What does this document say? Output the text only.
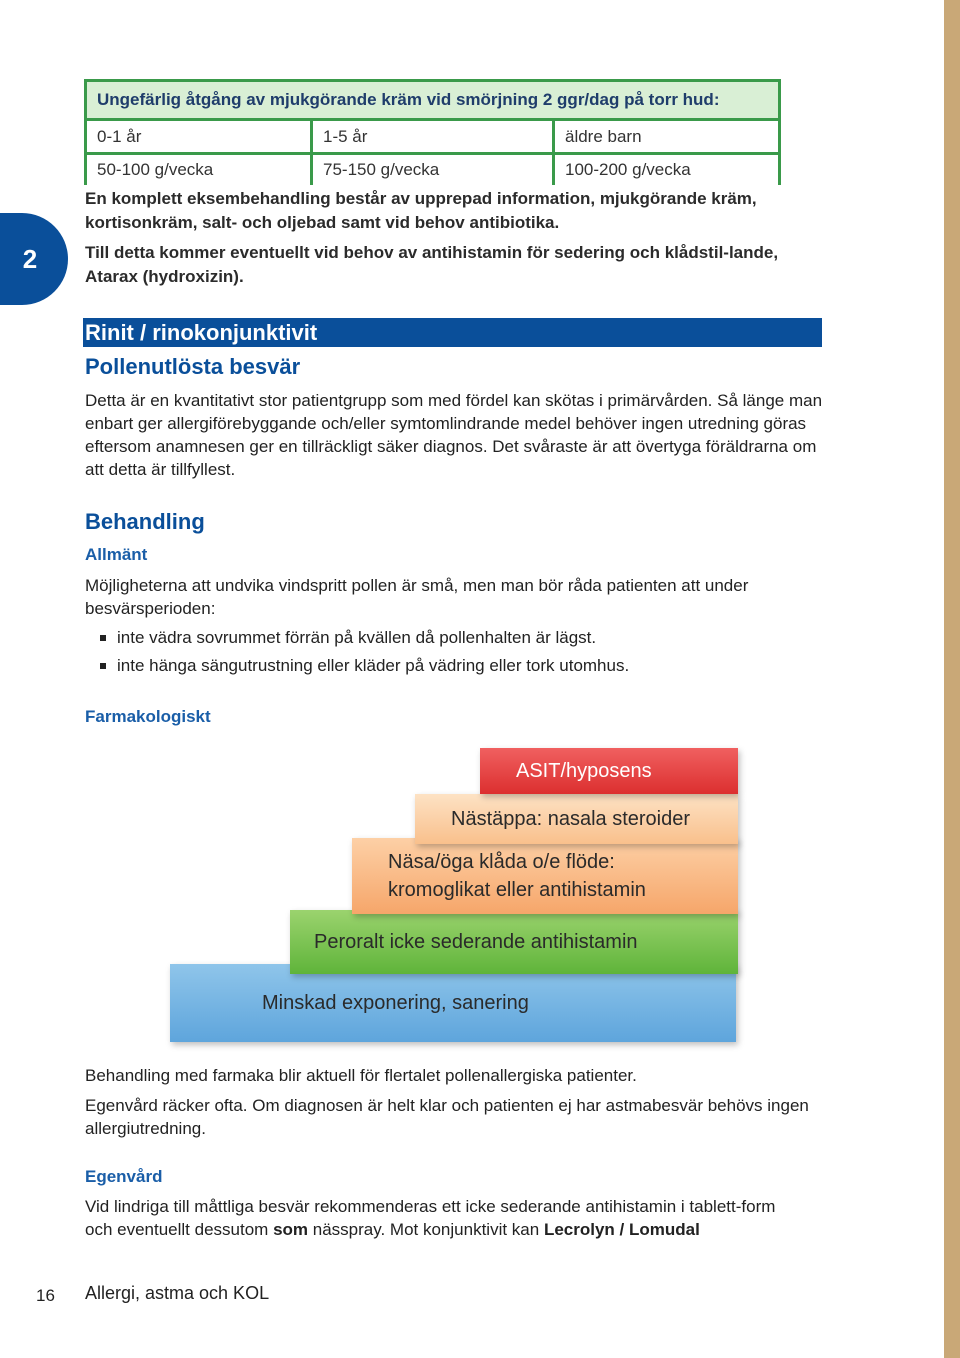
2
Ungefärlig åtgång av mjukgörande kräm vid smörjning 2 ggr/dag på torr hud:
0-1 år	1-5 år	äldre barn
50-100 g/vecka	75-150 g/vecka	100-200 g/vecka

En komplett eksembehandling består av upprepad information, mjukgörande kräm, kortisonkräm, salt- och oljebad samt vid behov antibiotika.

Till detta kommer eventuellt vid behov av antihistamin för sedering och klådstil-lande, Atarax (hydroxizin).

Rinit / rinokonjunktivit
Pollenutlösta besvär

Detta är en kvantitativt stor patientgrupp som med fördel kan skötas i primärvården. Så länge man enbart ger allergiförebyggande och/eller symtomlindrande medel behöver ingen utredning göras eftersom anamnesen ger en tillräckligt säker diagnos. Det svåraste är att övertyga föräldrarna om att detta är tillfyllest.

Behandling
Allmänt

Möjligheterna att undvika vindspritt pollen är små, men man bör råda patienten att under besvärsperioden:

inte vädra sovrummet förrän på kvällen då pollenhalten är lägst.
inte hänga sängutrustning eller kläder på vädring eller tork utomhus.
Farmakologiskt
Minskad exponering, sanering
Peroralt icke sederande antihistamin
Näsa/öga klåda o/e flöde:
kromoglikat eller antihistamin
Nästäppa: nasala steroider
ASIT/hyposens

Behandling med farmaka blir aktuell för flertalet pollenallergiska patienter.

Egenvård räcker ofta. Om diagnosen är helt klar och patienten ej har astmabesvär behövs ingen allergiutredning.

Egenvård

Vid lindriga till måttliga besvär rekommenderas ett icke sederande antihistamin i tablett-form och eventuellt dessutom som nässpray. Mot konjunktivit kan Lecrolyn / Lomudal

16 Allergi, astma och KOL
